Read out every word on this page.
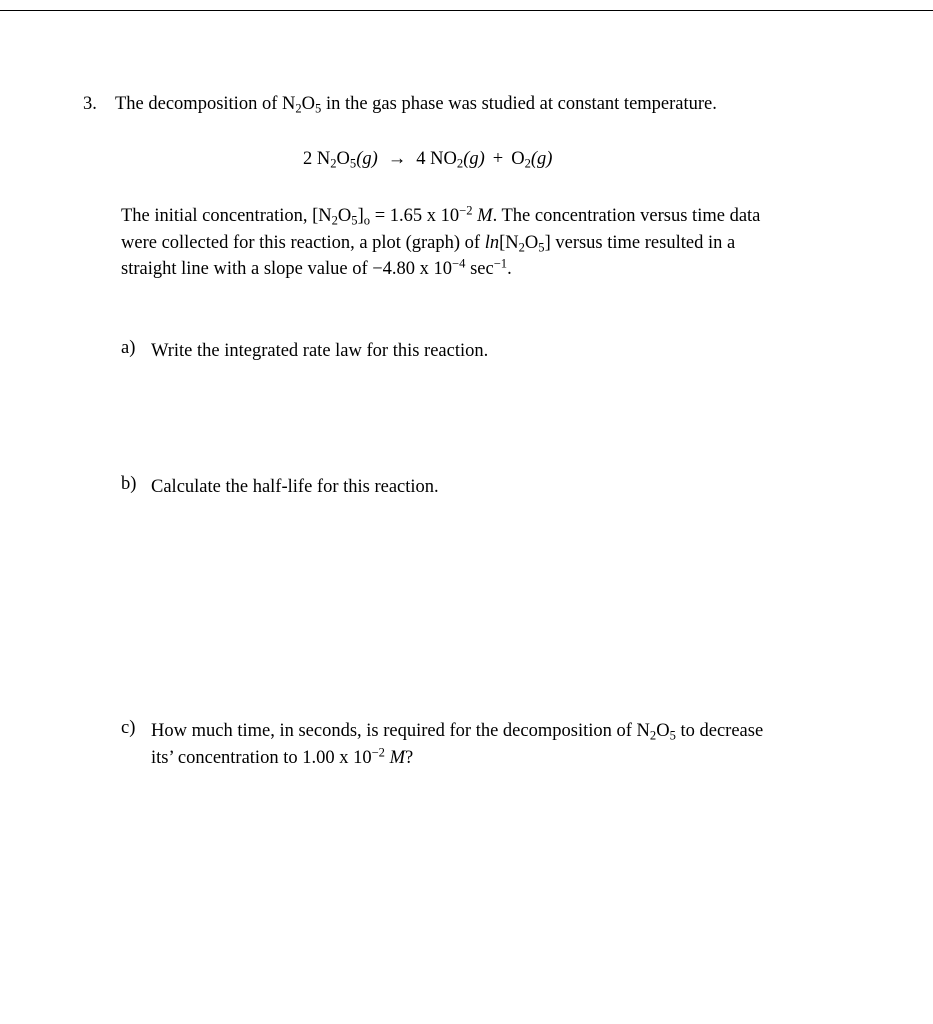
3. The decomposition of $N_2O_5$ in the gas phase was studied at constant temperature.
2 $N_2O_5(g) \to 4$ $NO_2(g) + O_2(g)$
The initial concentration, $[N_2O_5]_o = 1.65$ x $10^{-2}$ M. The concentration versus time data
were collected for this reaction, a plot (graph) of $\ln[N_2O_5]$ versus time resulted in a
straight line with a slope value of −4.80 x $10^{-4}$ $\sec^{-1}$.
a) Write the integrated rate law for this reaction.
b) Calculate the half-life for this reaction.
c) How much time, in seconds, is required for the decomposition of $N_2O_5$ to decrease
its’ concentration to 1.00 x $10^{-2}$ M?
